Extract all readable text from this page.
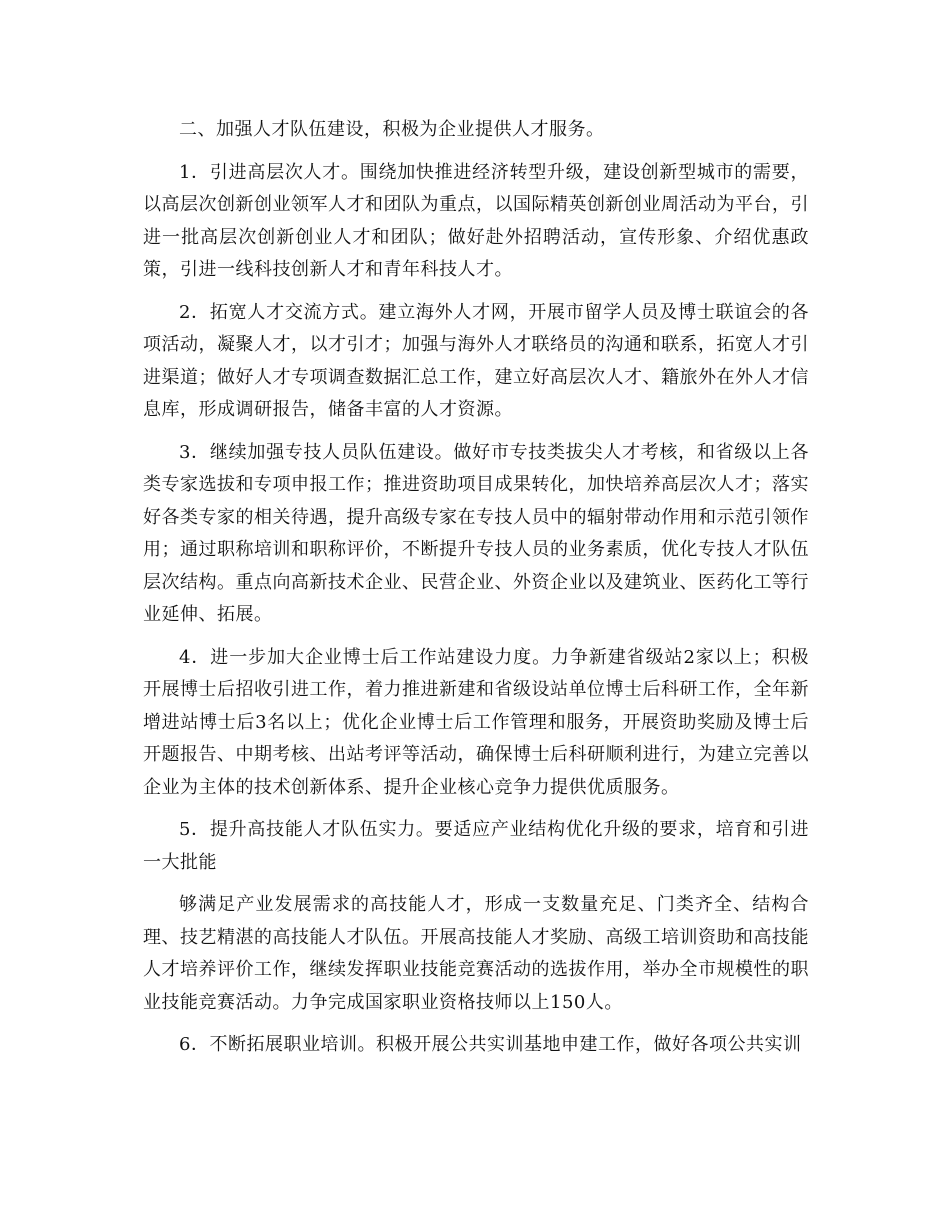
二、加强人才队伍建设，积极为企业提供人才服务。

1．引进高层次人才。围绕加快推进经济转型升级，建设创新型城市的需要，以高层次创新创业领军人才和团队为重点，以国际精英创新创业周活动为平台，引进一批高层次创新创业人才和团队；做好赴外招聘活动，宣传形象、介绍优惠政策，引进一线科技创新人才和青年科技人才。

2．拓宽人才交流方式。建立海外人才网，开展市留学人员及博士联谊会的各项活动，凝聚人才，以才引才；加强与海外人才联络员的沟通和联系，拓宽人才引进渠道；做好人才专项调查数据汇总工作，建立好高层次人才、籍旅外在外人才信息库，形成调研报告，储备丰富的人才资源。

3．继续加强专技人员队伍建设。做好市专技类拔尖人才考核，和省级以上各类专家选拔和专项申报工作；推进资助项目成果转化，加快培养高层次人才；落实好各类专家的相关待遇，提升高级专家在专技人员中的辐射带动作用和示范引领作用；通过职称培训和职称评价，不断提升专技人员的业务素质，优化专技人才队伍层次结构。重点向高新技术企业、民营企业、外资企业以及建筑业、医药化工等行业延伸、拓展。

4．进一步加大企业博士后工作站建设力度。力争新建省级站2家以上；积极开展博士后招收引进工作，着力推进新建和省级设站单位博士后科研工作，全年新增进站博士后3名以上；优化企业博士后工作管理和服务，开展资助奖励及博士后开题报告、中期考核、出站考评等活动，确保博士后科研顺利进行，为建立完善以企业为主体的技术创新体系、提升企业核心竞争力提供优质服务。

5．提升高技能人才队伍实力。要适应产业结构优化升级的要求，培育和引进一大批能

够满足产业发展需求的高技能人才，形成一支数量充足、门类齐全、结构合理、技艺精湛的高技能人才队伍。开展高技能人才奖励、高级工培训资助和高技能人才培养评价工作，继续发挥职业技能竞赛活动的选拔作用，举办全市规模性的职业技能竞赛活动。力争完成国家职业资格技师以上150人。

6．不断拓展职业培训。积极开展公共实训基地申建工作，做好各项公共实训
